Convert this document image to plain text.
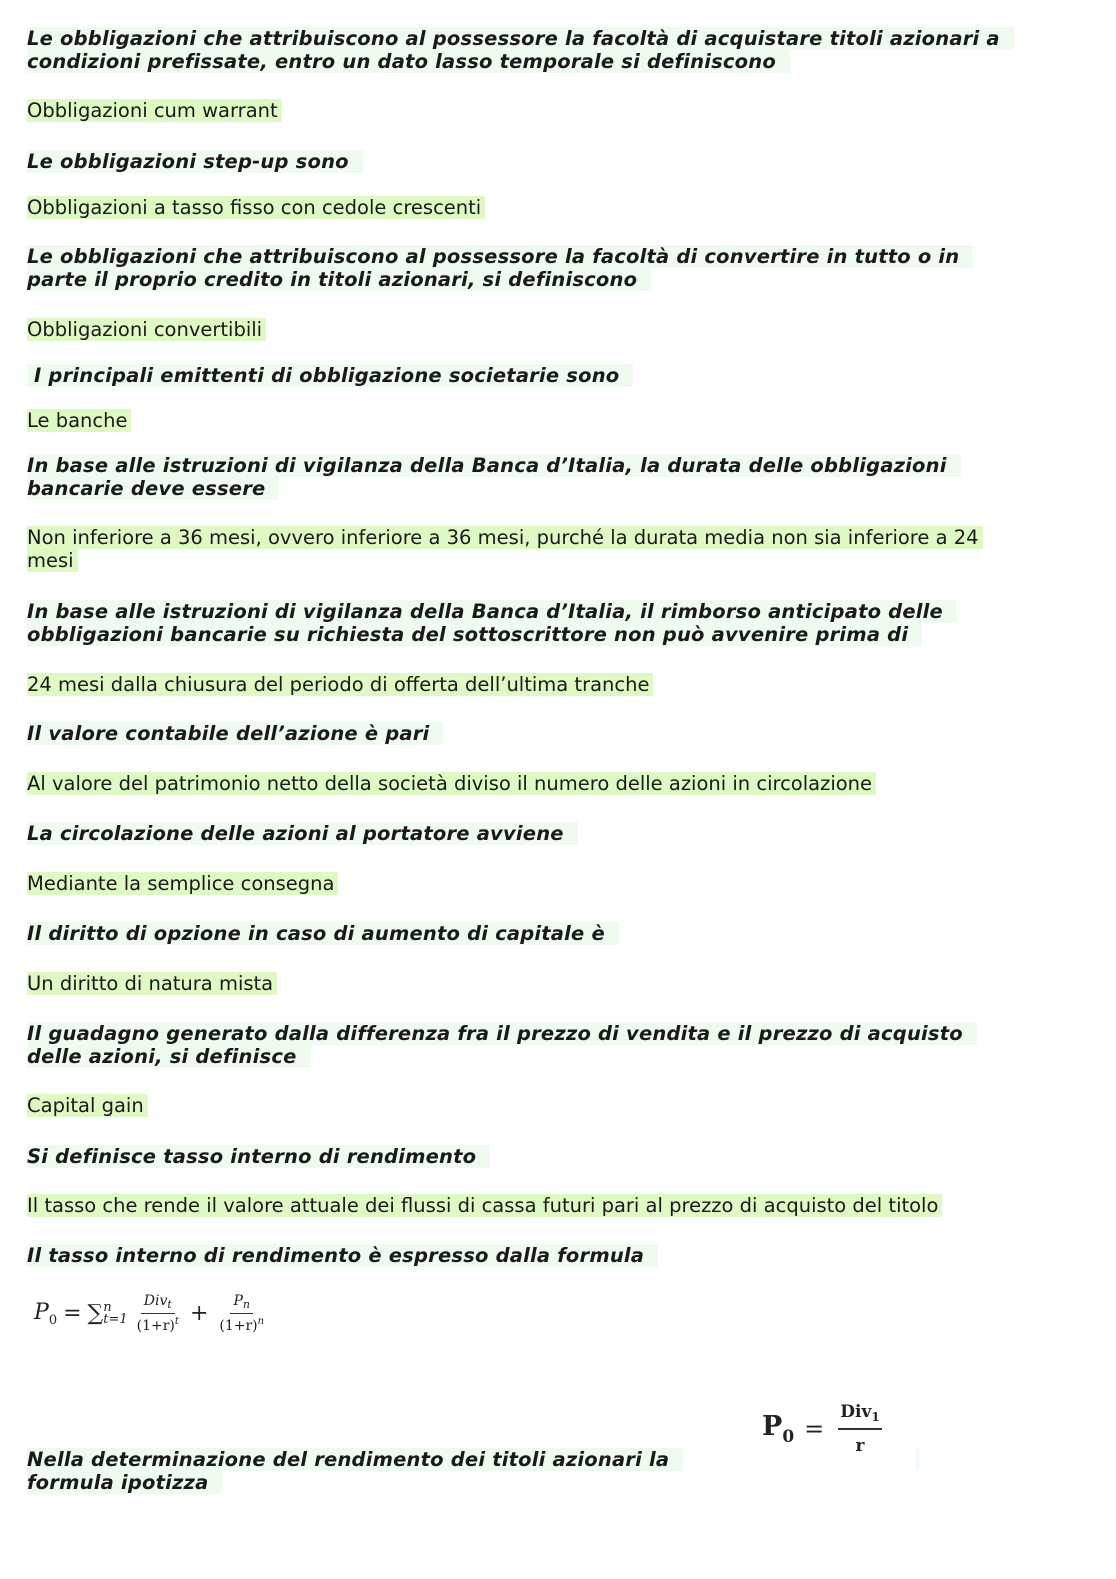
Le obbligazioni che attribuiscono al possessore la facoltà di acquistare titoli azionari a condizioni prefissate, entro un dato lasso temporale si definiscono
Obbligazioni cum warrant
Le obbligazioni step-up sono
Obbligazioni a tasso fisso con cedole crescenti
Le obbligazioni che attribuiscono al possessore la facoltà di convertire in tutto o in parte il proprio credito in titoli azionari, si definiscono
Obbligazioni convertibili
I principali emittenti di obbligazione societarie sono
Le banche
In base alle istruzioni di vigilanza della Banca d’Italia, la durata delle obbligazioni bancarie deve essere
Non inferiore a 36 mesi, ovvero inferiore a 36 mesi, purché la durata media non sia inferiore a 24 mesi
In base alle istruzioni di vigilanza della Banca d’Italia, il rimborso anticipato delle obbligazioni bancarie su richiesta del sottoscrittore non può avvenire prima di
24 mesi dalla chiusura del periodo di offerta dell’ultima tranche
Il valore contabile dell’azione è pari
Al valore del patrimonio netto della società diviso il numero delle azioni in circolazione
La circolazione delle azioni al portatore avviene
Mediante la semplice consegna
Il diritto di opzione in caso di aumento di capitale è
Un diritto di natura mista
Il guadagno generato dalla differenza fra il prezzo di vendita e il prezzo di acquisto delle azioni, si definisce
Capital gain
Si definisce tasso interno di rendimento
Il tasso che rende il valore attuale dei flussi di cassa futuri pari al prezzo di acquisto del titolo
Il tasso interno di rendimento è espresso dalla formula
$P_0$ = ∑ n
$t=1 \frac{Div_t}{(1+r)^t} + \frac{P_n}{(1+r)^n}$
Nella determinazione del rendimento dei titoli azionari la formula ipotizza
$P_0 = \frac{Div_1}{r}$
